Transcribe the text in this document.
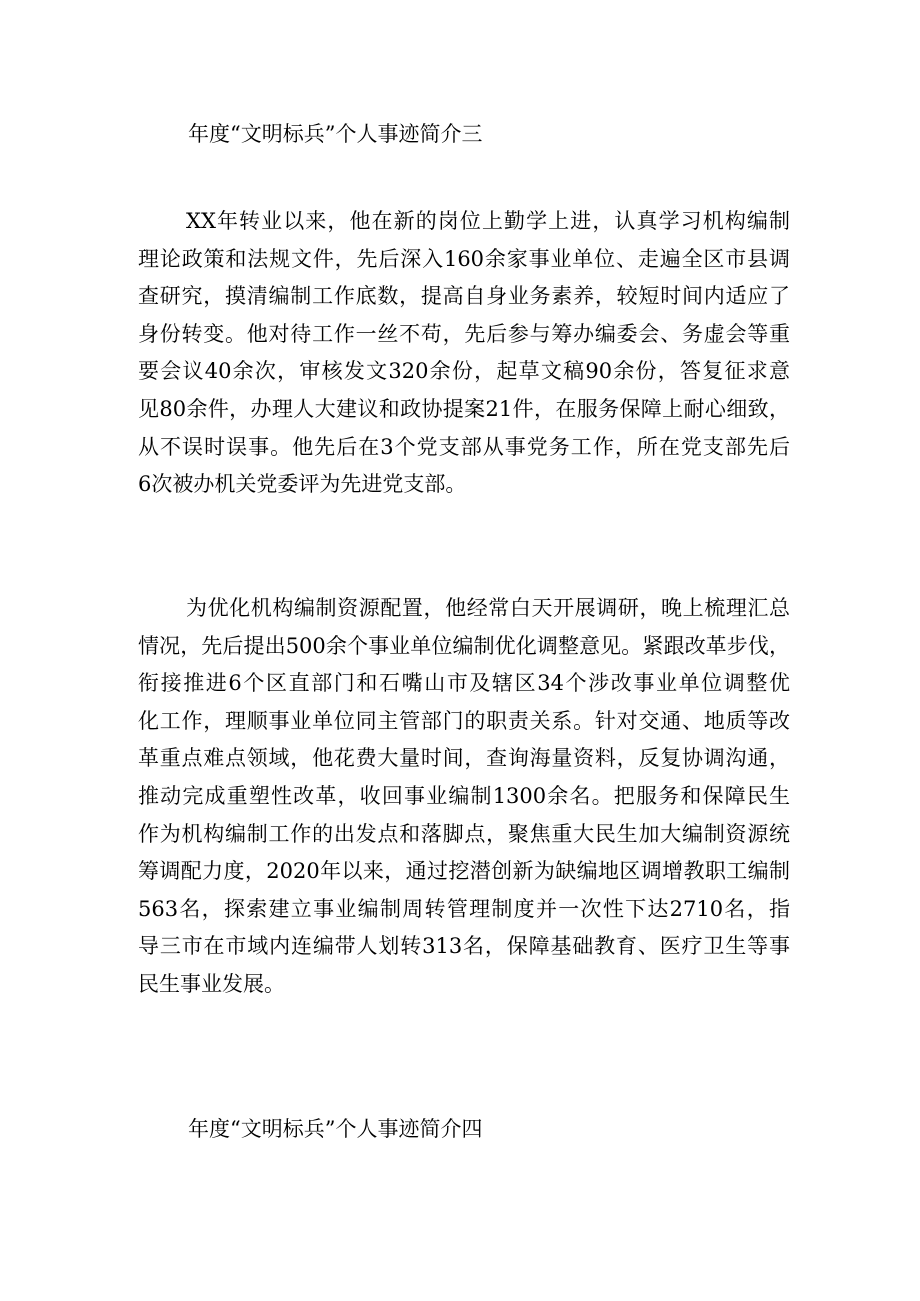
年度“文明标兵”个人事迹简介三
XX年转业以来，他在新的岗位上勤学上进，认真学习机构编制
理论政策和法规文件，先后深入160余家事业单位、走遍全区市县调
查研究，摸清编制工作底数，提高自身业务素养，较短时间内适应了
身份转变。他对待工作一丝不苟，先后参与筹办编委会、务虚会等重
要会议40余次，审核发文320余份，起草文稿90余份，答复征求意
见80余件，办理人大建议和政协提案21件，在服务保障上耐心细致，
从不误时误事。他先后在3个党支部从事党务工作，所在党支部先后
6次被办机关党委评为先进党支部。
为优化机构编制资源配置，他经常白天开展调研，晚上梳理汇总
情况，先后提出500余个事业单位编制优化调整意见。紧跟改革步伐，
衔接推进6个区直部门和石嘴山市及辖区34个涉改事业单位调整优
化工作，理顺事业单位同主管部门的职责关系。针对交通、地质等改
革重点难点领域，他花费大量时间，查询海量资料，反复协调沟通，
推动完成重塑性改革，收回事业编制1300余名。把服务和保障民生
作为机构编制工作的出发点和落脚点，聚焦重大民生加大编制资源统
筹调配力度，2020年以来，通过挖潜创新为缺编地区调增教职工编制
563名，探索建立事业编制周转管理制度并一次性下达2710名，指
导三市在市域内连编带人划转313名，保障基础教育、医疗卫生等事
民生事业发展。
年度“文明标兵”个人事迹简介四
